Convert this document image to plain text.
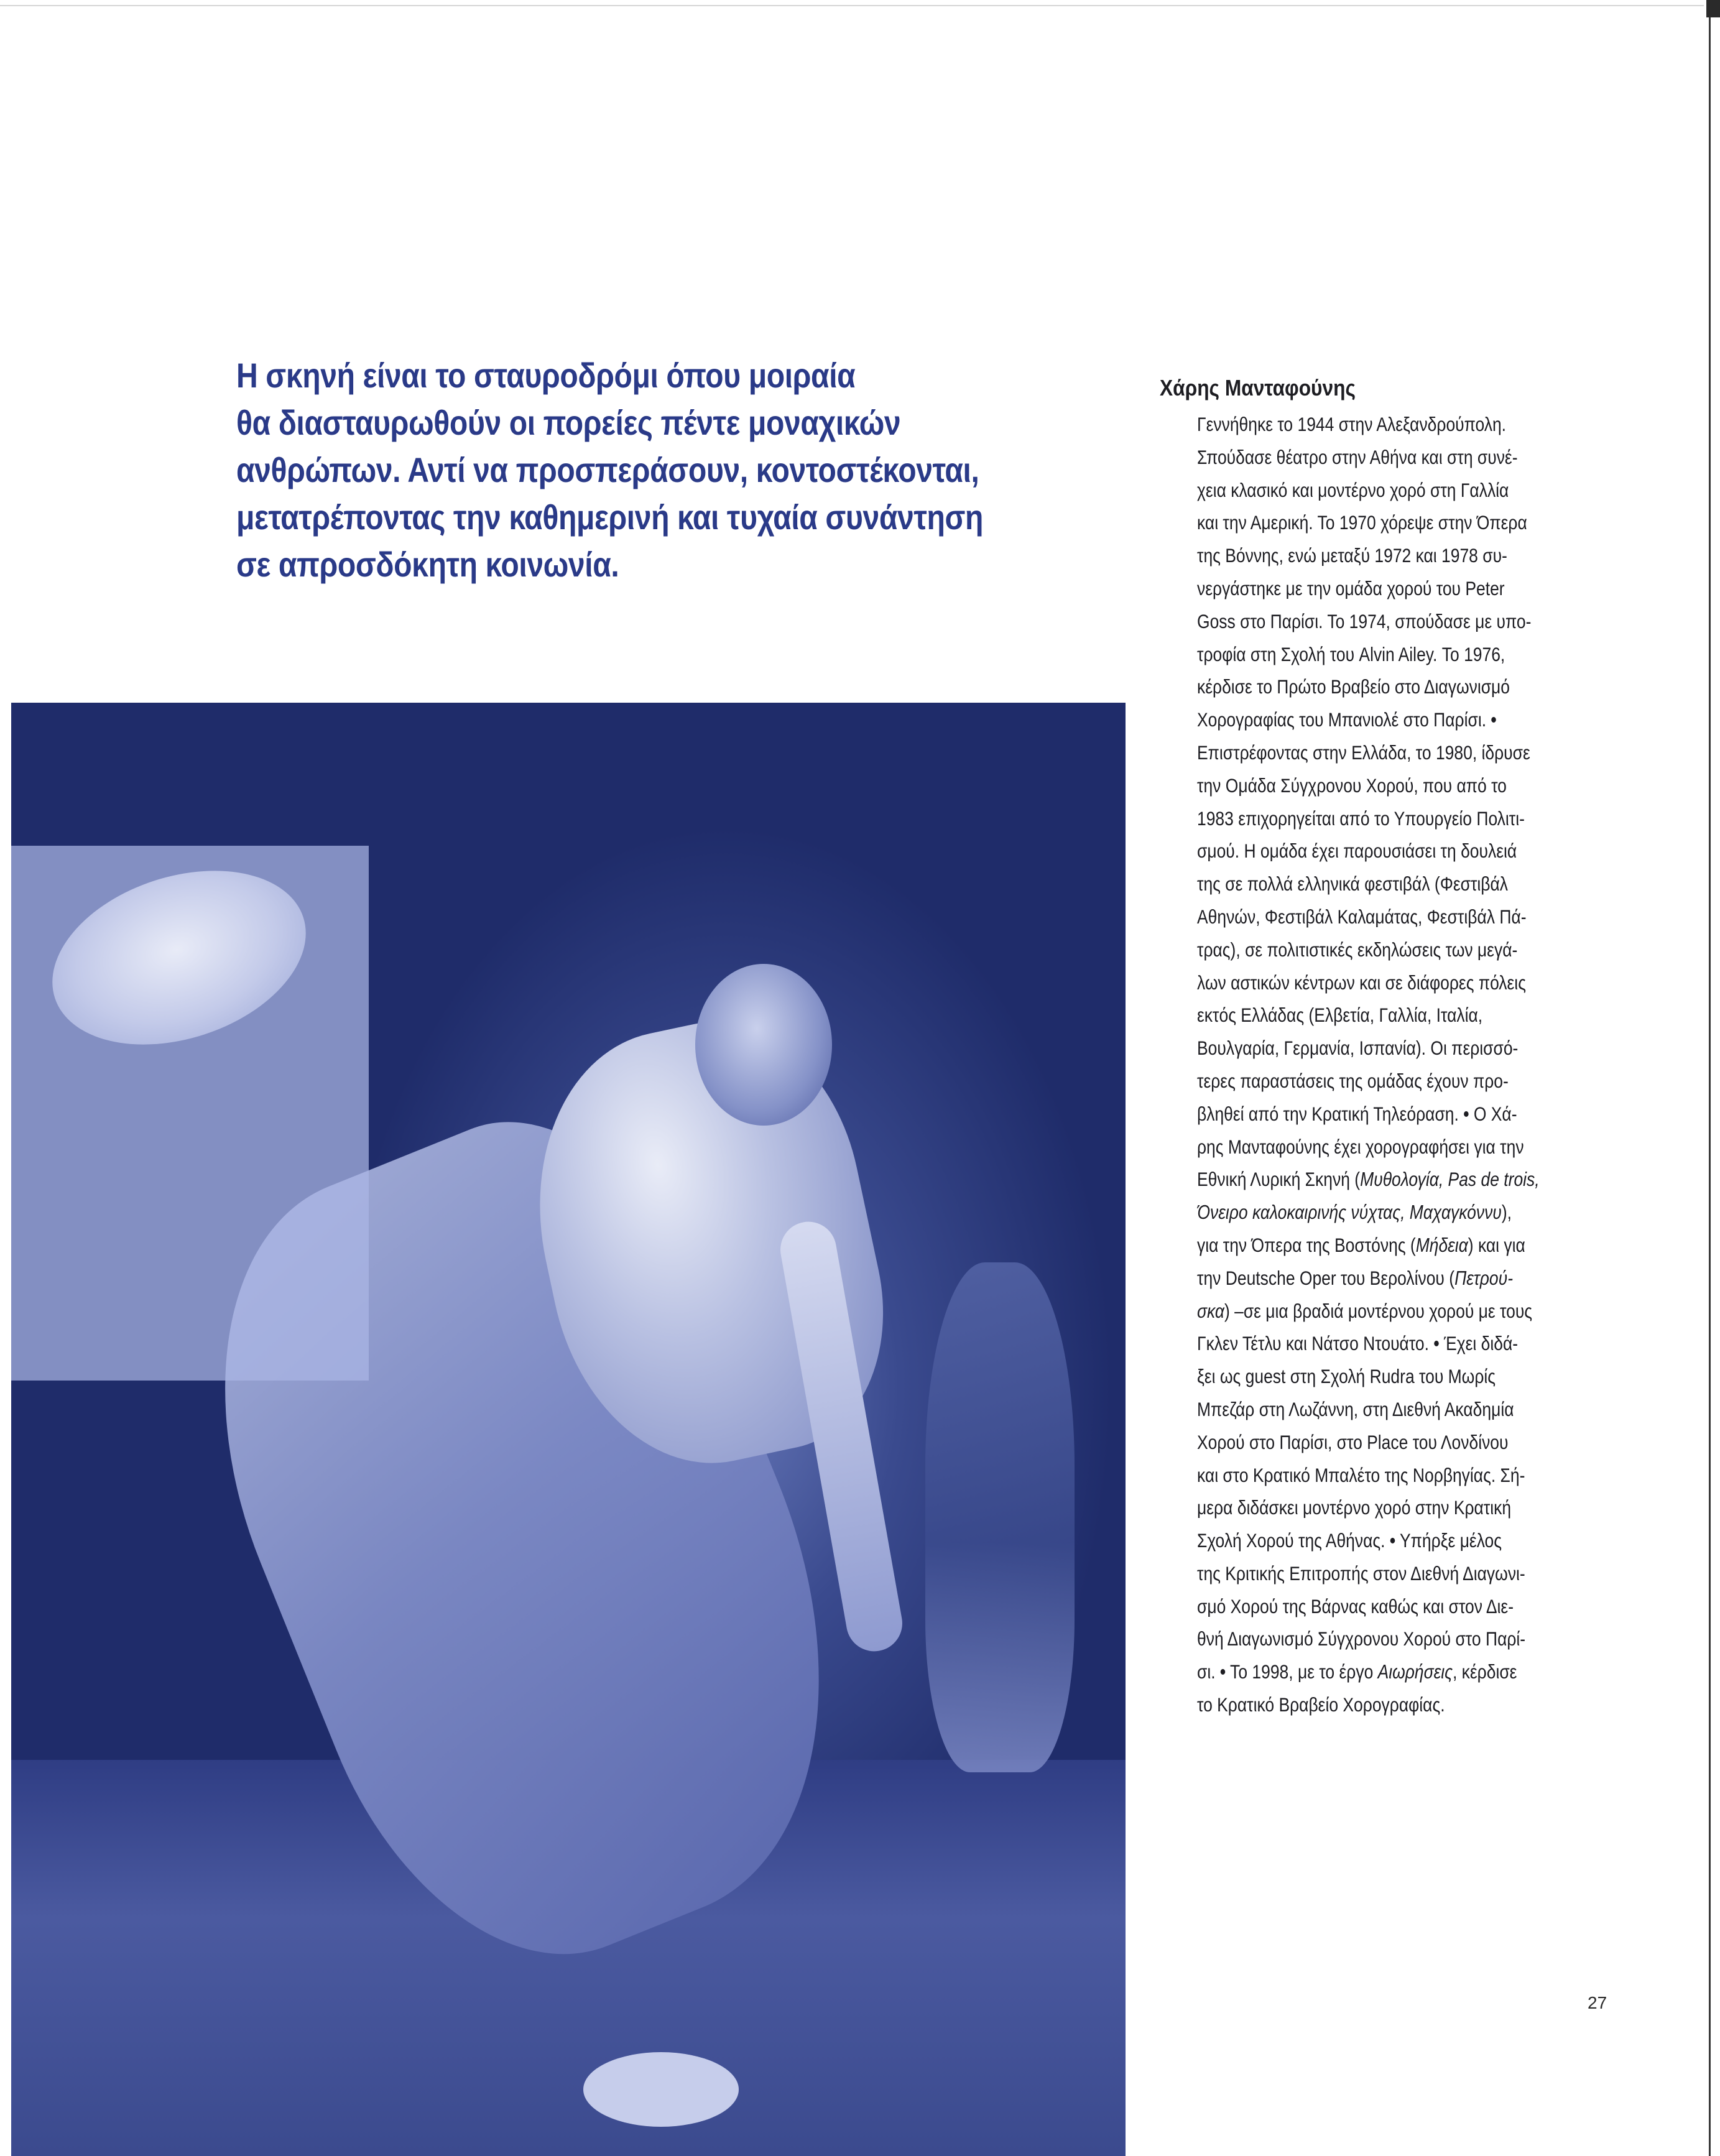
Η σκηνή είναι το σταυροδρόμι όπου μοιραία
θα διασταυρωθούν οι πορείες πέντε μοναχικών
ανθρώπων. Αντί να προσπεράσουν, κοντοστέκονται,
μετατρέποντας την καθημερινή και τυχαία συνάντηση
σε απροσδόκητη κοινωνία.
Χάρης Μανταφούνης
Γεννήθηκε το 1944 στην Αλεξανδρούπολη.
Σπούδασε θέατρο στην Αθήνα και στη συνέ-
χεια κλασικό και μοντέρνο χορό στη Γαλλία
και την Αμερική. Το 1970 χόρεψε στην Όπερα
της Βόννης, ενώ μεταξύ 1972 και 1978 συ-
νεργάστηκε με την ομάδα χορού του Peter
Goss στο Παρίσι. Το 1974, σπούδασε με υπο-
τροφία στη Σχολή του Alvin Ailey. Το 1976,
κέρδισε το Πρώτο Βραβείο στο Διαγωνισμό
Χορογραφίας του Μπανιολέ στο Παρίσι. •
Επιστρέφοντας στην Ελλάδα, το 1980, ίδρυσε
την Ομάδα Σύγχρονου Χορού, που από το
1983 επιχορηγείται από το Υπουργείο Πολιτι-
σμού. Η ομάδα έχει παρουσιάσει τη δουλειά
της σε πολλά ελληνικά φεστιβάλ (Φεστιβάλ
Αθηνών, Φεστιβάλ Καλαμάτας, Φεστιβάλ Πά-
τρας), σε πολιτιστικές εκδηλώσεις των μεγά-
λων αστικών κέντρων και σε διάφορες πόλεις
εκτός Ελλάδας (Ελβετία, Γαλλία, Ιταλία,
Βουλγαρία, Γερμανία, Ισπανία). Οι περισσό-
τερες παραστάσεις της ομάδας έχουν προ-
βληθεί από την Κρατική Τηλεόραση. • Ο Χά-
ρης Μανταφούνης έχει χορογραφήσει για την
Εθνική Λυρική Σκηνή (Μυθολογία, Pas de trois,
Όνειρο καλοκαιρινής νύχτας, Μαχαγκόννυ),
για την Όπερα της Βοστόνης (Μήδεια) και για
την Deutsche Oper του Βερολίνου (Πετρού-
σκα) –σε μια βραδιά μοντέρνου χορού με τους
Γκλεν Τέτλυ και Νάτσο Ντουάτο. • Έχει διδά-
ξει ως guest στη Σχολή Rudra του Μωρίς
Μπεζάρ στη Λωζάννη, στη Διεθνή Ακαδημία
Χορού στο Παρίσι, στο Place του Λονδίνου
και στο Κρατικό Μπαλέτο της Νορβηγίας. Σή-
μερα διδάσκει μοντέρνο χορό στην Κρατική
Σχολή Χορού της Αθήνας. • Υπήρξε μέλος
της Κριτικής Επιτροπής στον Διεθνή Διαγωνι-
σμό Χορού της Βάρνας καθώς και στον Διε-
θνή Διαγωνισμό Σύγχρονου Χορού στο Παρί-
σι. • Το 1998, με το έργο Αιωρήσεις, κέρδισε
το Κρατικό Βραβείο Χορογραφίας.
27
